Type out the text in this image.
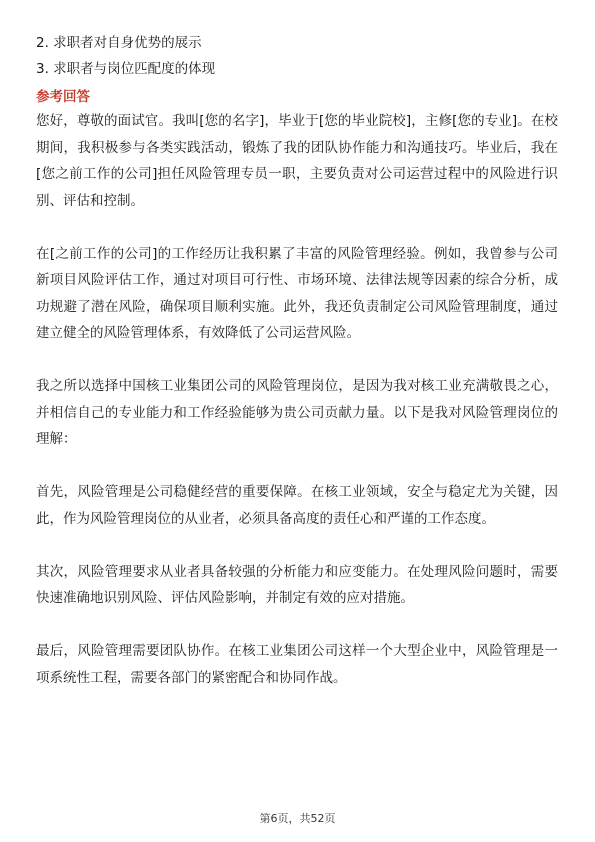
2. 求职者对自身优势的展示

3. 求职者与岗位匹配度的体现

参考回答

您好，尊敬的面试官。我叫[您的名字]，毕业于[您的毕业院校]，主修[您的专业]。在校期间，我积极参与各类实践活动，锻炼了我的团队协作能力和沟通技巧。毕业后，我在[您之前工作的公司]担任风险管理专员一职，主要负责对公司运营过程中的风险进行识别、评估和控制。

在[之前工作的公司]的工作经历让我积累了丰富的风险管理经验。例如，我曾参与公司新项目风险评估工作，通过对项目可行性、市场环境、法律法规等因素的综合分析，成功规避了潜在风险，确保项目顺利实施。此外，我还负责制定公司风险管理制度，通过建立健全的风险管理体系，有效降低了公司运营风险。

我之所以选择中国核工业集团公司的风险管理岗位，是因为我对核工业充满敬畏之心，并相信自己的专业能力和工作经验能够为贵公司贡献力量。以下是我对风险管理岗位的理解：

首先，风险管理是公司稳健经营的重要保障。在核工业领域，安全与稳定尤为关键，因此，作为风险管理岗位的从业者，必须具备高度的责任心和严谨的工作态度。

其次，风险管理要求从业者具备较强的分析能力和应变能力。在处理风险问题时，需要快速准确地识别风险、评估风险影响，并制定有效的应对措施。

最后，风险管理需要团队协作。在核工业集团公司这样一个大型企业中，风险管理是一项系统性工程，需要各部门的紧密配合和协同作战。

第6页，共52页
